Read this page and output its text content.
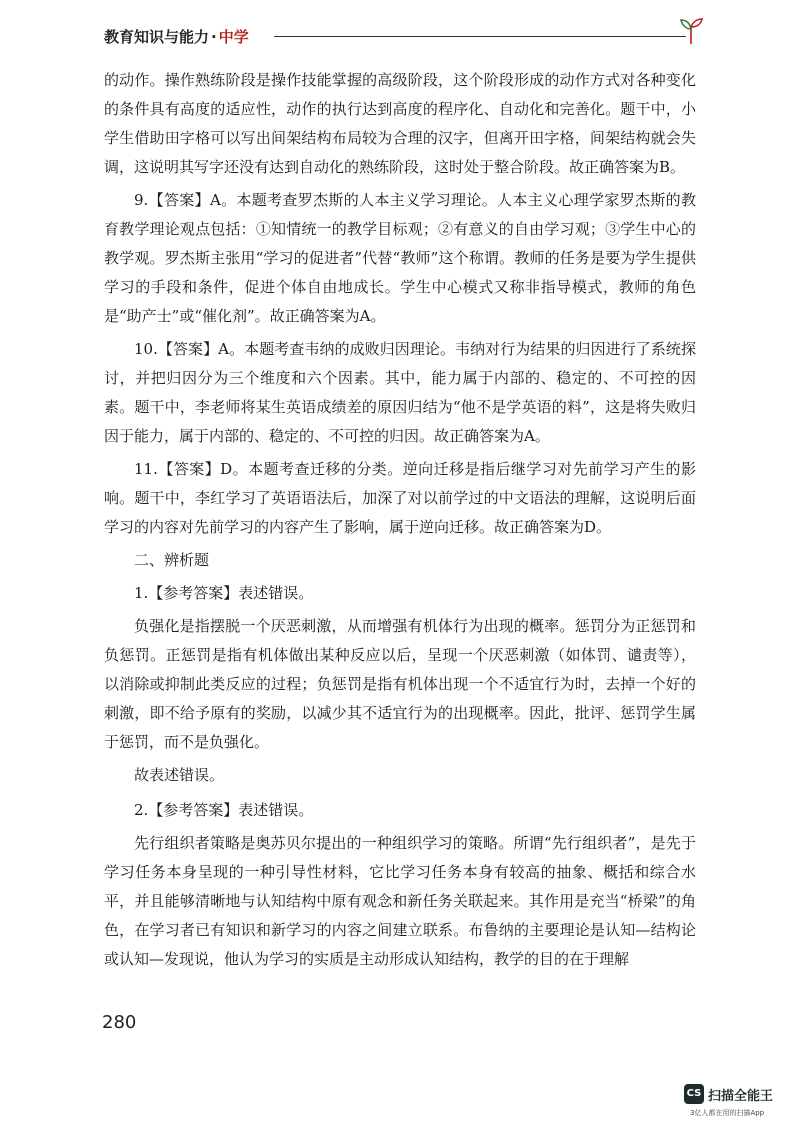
教育知识与能力 · 中学

的动作。操作熟练阶段是操作技能掌握的高级阶段，这个阶段形成的动作方式对各种变化的条件具有高度的适应性，动作的执行达到高度的程序化、自动化和完善化。题干中，小学生借助田字格可以写出间架结构布局较为合理的汉字，但离开田字格，间架结构就会失调，这说明其写字还没有达到自动化的熟练阶段，这时处于整合阶段。故正确答案为B。

9.【答案】A。本题考查罗杰斯的人本主义学习理论。人本主义心理学家罗杰斯的教育教学理论观点包括：①知情统一的教学目标观；②有意义的自由学习观；③学生中心的教学观。罗杰斯主张用“学习的促进者”代替“教师”这个称谓。教师的任务是要为学生提供学习的手段和条件，促进个体自由地成长。学生中心模式又称非指导模式，教师的角色是“助产士”或“催化剂”。故正确答案为A。

10.【答案】A。本题考查韦纳的成败归因理论。韦纳对行为结果的归因进行了系统探讨，并把归因分为三个维度和六个因素。其中，能力属于内部的、稳定的、不可控的因素。题干中，李老师将某生英语成绩差的原因归结为“他不是学英语的料”，这是将失败归因于能力，属于内部的、稳定的、不可控的归因。故正确答案为A。

11.【答案】D。本题考查迁移的分类。逆向迁移是指后继学习对先前学习产生的影响。题干中，李红学习了英语语法后，加深了对以前学过的中文语法的理解，这说明后面学习的内容对先前学习的内容产生了影响，属于逆向迁移。故正确答案为D。

二、辨析题

1.【参考答案】表述错误。

负强化是指摆脱一个厌恶刺激，从而增强有机体行为出现的概率。惩罚分为正惩罚和负惩罚。正惩罚是指有机体做出某种反应以后，呈现一个厌恶刺激（如体罚、谴责等），以消除或抑制此类反应的过程；负惩罚是指有机体出现一个不适宜行为时，去掉一个好的刺激，即不给予原有的奖励，以减少其不适宜行为的出现概率。因此，批评、惩罚学生属于惩罚，而不是负强化。

故表述错误。

2.【参考答案】表述错误。

先行组织者策略是奥苏贝尔提出的一种组织学习的策略。所谓“先行组织者”，是先于学习任务本身呈现的一种引导性材料，它比学习任务本身有较高的抽象、概括和综合水平，并且能够清晰地与认知结构中原有观念和新任务关联起来。其作用是充当“桥梁”的角色，在学习者已有知识和新学习的内容之间建立联系。布鲁纳的主要理论是认知—结构论或认知—发现说，他认为学习的实质是主动形成认知结构，教学的目的在于理解

280
CS 扫描全能王
3亿人都在用的扫描App
